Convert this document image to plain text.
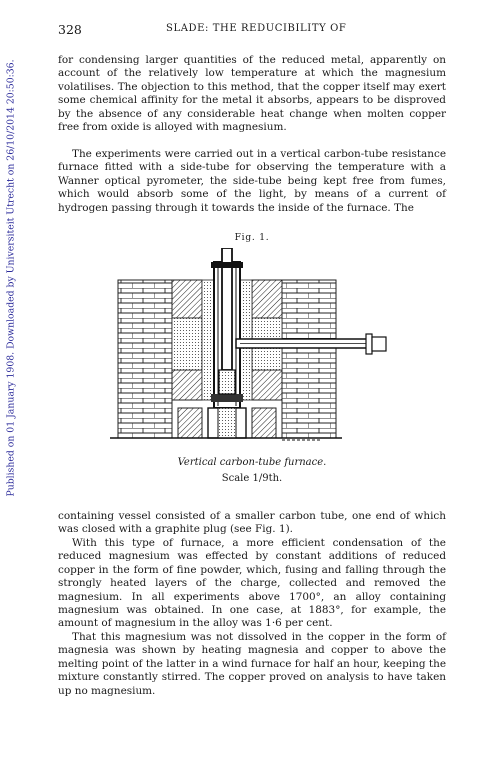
328	SLADE: THE REDUCIBILITY OF
Published on 01 January 1908. Downloaded by Universiteit Utrecht on 26/10/2014 20:50:36.	for condensing larger quantities of the reduced metal, apparently on account of the relatively low temperature at which the magnesium volatilises. The objection to this method, that the copper itself may exert some chemical affinity for the metal it absorbs, appears to be disproved by the absence of any considerable heat change when molten copper free from oxide is alloyed with magnesium.

The experiments were carried out in a vertical carbon-tube resistance furnace fitted with a side-tube for observing the temperature with a Wanner optical pyrometer, the side-tube being kept free from fumes, which would absorb some of the light, by means of a current of hydrogen passing through it towards the inside of the furnace. The

Fig. 1.
Vertical carbon-tube furnace.
Scale 1/9th.

containing vessel consisted of a smaller carbon tube, one end of which was closed with a graphite plug (see Fig. 1).

With this type of furnace, a more efficient condensation of the reduced magnesium was effected by constant additions of reduced copper in the form of fine powder, which, fusing and falling through the strongly heated layers of the charge, collected and removed the magnesium. In all experiments above 1700°, an alloy containing magnesium was obtained. In one case, at 1883°, for example, the amount of magnesium in the alloy was 1·6 per cent.

That this magnesium was not dissolved in the copper in the form of magnesia was shown by heating magnesia and copper to above the melting point of the latter in a wind furnace for half an hour, keeping the mixture constantly stirred. The copper proved on analysis to have taken up no magnesium.
